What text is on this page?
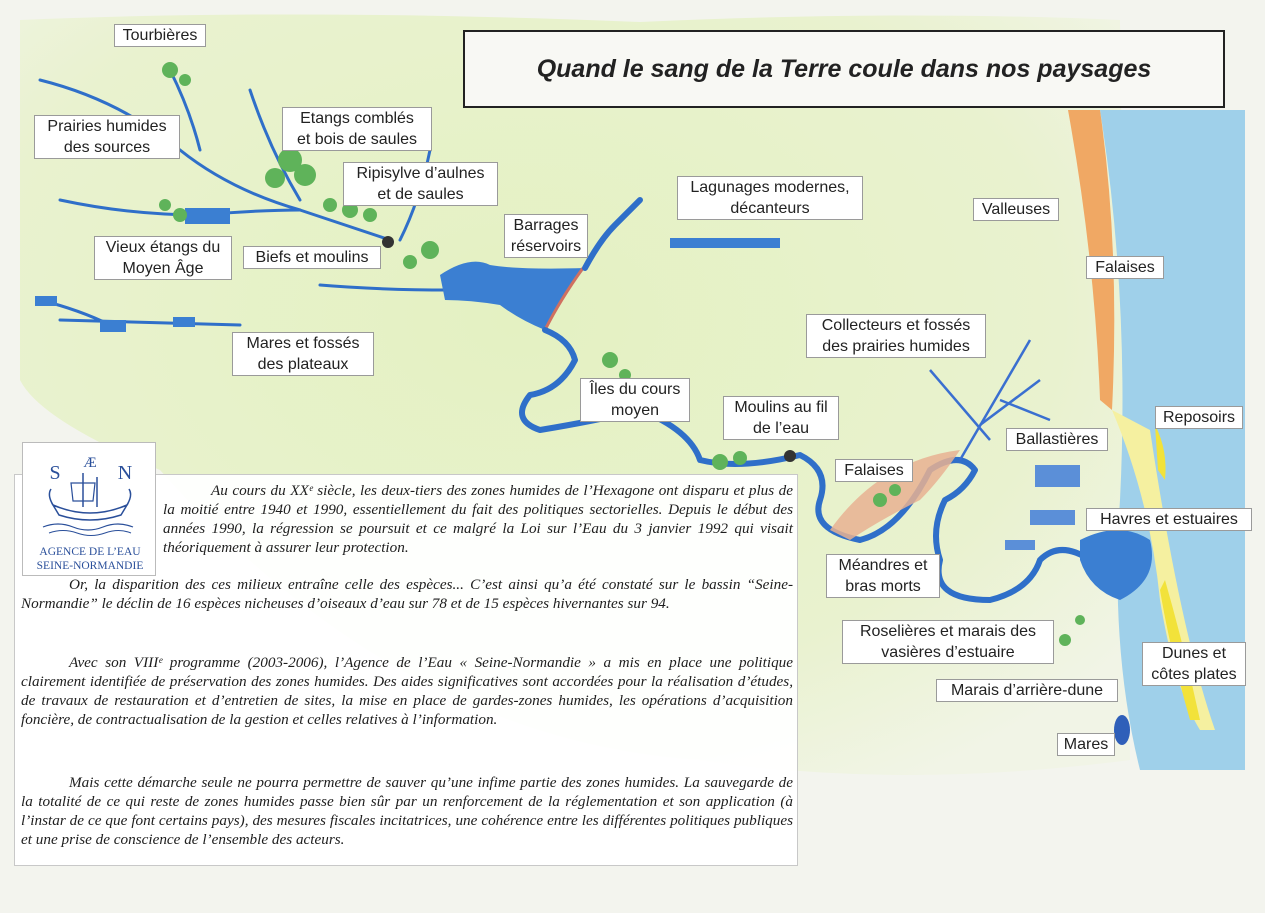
Quand le sang de la Terre coule dans nos paysages
Tourbières
Prairies humides
des sources
Etangs comblés
et bois de saules
Ripisylve d’aulnes
et de saules	Lagunages modernes,
décanteurs
Barrages
réservoirs
Vieux étangs du
Moyen Âge
Biefs et moulins
Mares et fossés
des plateaux
Valleuses
Falaises
Collecteurs et fossés
des prairies humides
Îles du cours
moyen	Moulins au fil
de l’eau
Reposoirs
Ballastières
Falaises
Havres et estuaires
Méandres et
bras morts
Roselières et marais des
vasières d’estuaire	Dunes et
côtes plates
Marais d’arrière-dune
Mares

Au cours du XXᵉ siècle, les deux-tiers des zones humides de l’Hexagone ont disparu et plus de la moitié entre 1940 et 1990, essentiellement du fait des politiques sectorielles. Depuis le début des années 1990, la régression se poursuit et ce malgré la Loi sur l’Eau du 3 janvier 1992 qui visait théoriquement à assurer leur protection.

Or, la disparition des ces milieux entraîne celle des espèces... C’est ainsi qu’a été constaté sur le bassin “Seine-Normandie” le déclin de 16 espèces nicheuses d’oiseaux d’eau sur 78 et de 15 espèces hivernantes sur 94.

Avec son VIIIᵉ programme (2003-2006), l’Agence de l’Eau « Seine-Normandie » a mis en place une politique clairement identifiée de préservation des zones humides. Des aides significatives sont accordées pour la réalisation d’études, de travaux de restauration et d’entretien de sites, la mise en place de gardes-zones humides, les opérations d’acquisition foncière, de contractualisation de la gestion et celles relatives à l’information.

Mais cette démarche seule ne pourra permettre de sauver qu’une infime partie des zones humides. La sauvegarde de la totalité de ce qui reste de zones humides passe bien sûr par un renforcement de la réglementation et son application (à l’instar de ce que font certains pays), des mesures fiscales incitatrices, une cohérence entre les différentes politiques publiques et une prise de conscience de l’ensemble des acteurs.

Æ
S	N
AGENCE DE L’EAU
SEINE-NORMANDIE
